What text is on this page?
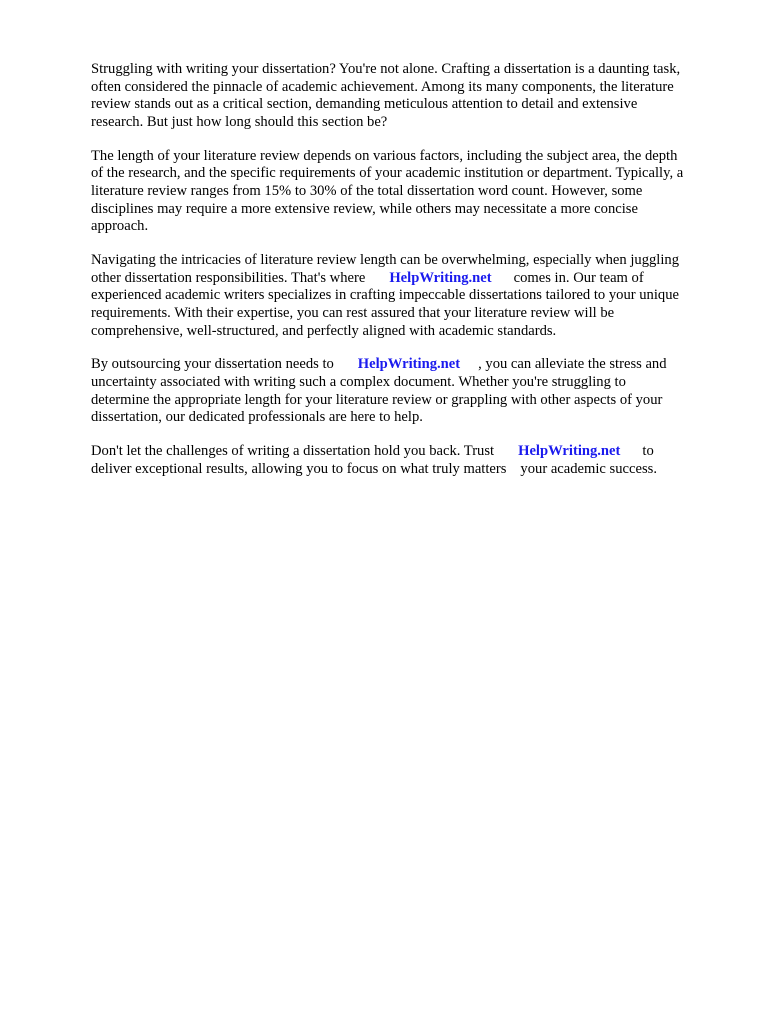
Struggling with writing your dissertation? You're not alone. Crafting a dissertation is a daunting task,
often considered the pinnacle of academic achievement. Among its many components, the literature
review stands out as a critical section, demanding meticulous attention to detail and extensive
research. But just how long should this section be?

The length of your literature review depends on various factors, including the subject area, the depth
of the research, and the specific requirements of your academic institution or department. Typically, a
literature review ranges from 15% to 30% of the total dissertation word count. However, some
disciplines may require a more extensive review, while others may necessitate a more concise
approach.

Navigating the intricacies of literature review length can be overwhelming, especially when juggling
other dissertation responsibilities. That's where HelpWriting.net comes in. Our team of
experienced academic writers specializes in crafting impeccable dissertations tailored to your unique
requirements. With their expertise, you can rest assured that your literature review will be
comprehensive, well-structured, and perfectly aligned with academic standards.

By outsourcing your dissertation needs to HelpWriting.net , you can alleviate the stress and
uncertainty associated with writing such a complex document. Whether you're struggling to
determine the appropriate length for your literature review or grappling with other aspects of your
dissertation, our dedicated professionals are here to help.

Don't let the challenges of writing a dissertation hold you back. Trust HelpWriting.net to
deliver exceptional results, allowing you to focus on what truly matters your academic success.
